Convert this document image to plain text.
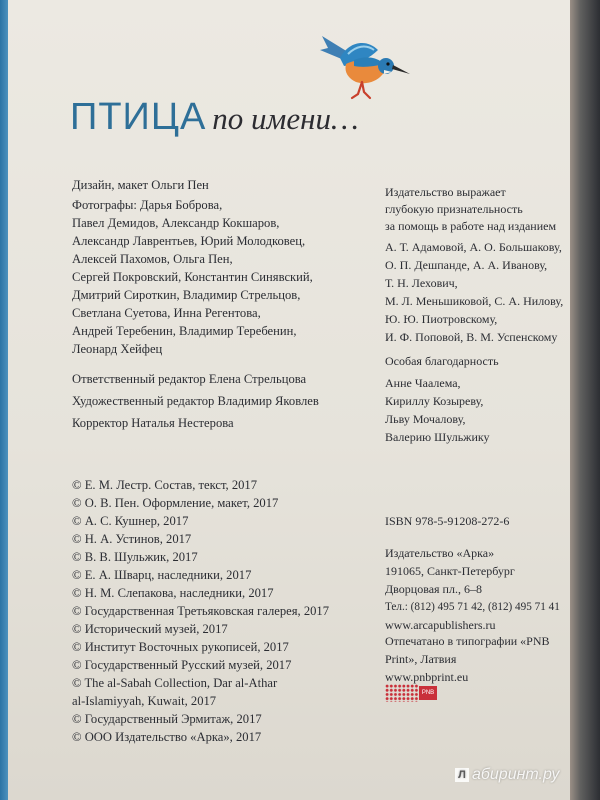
ПТИЦА по имени…
Дизайн, макет Ольги Пен
Фотографы: Дарья Боброва,
Павел Демидов, Александр Кокшаров,
Александр Лаврентьев, Юрий Молодковец,
Алексей Пахомов, Ольга Пен,
Сергей Покровский, Константин Синявский,
Дмитрий Сироткин, Владимир Стрельцов,
Светлана Суетова, Инна Регентова,
Андрей Теребенин, Владимир Теребенин,
Леонард Хейфец
Ответственный редактор Елена Стрельцова
Художественный редактор Владимир Яковлев
Корректор Наталья Нестерова
© Е. М. Лестр. Состав, текст, 2017
© О. В. Пен. Оформление, макет, 2017
© А. С. Кушнер, 2017
© Н. А. Устинов, 2017
© В. В. Шульжик, 2017
© Е. А. Шварц, наследники, 2017
© Н. М. Слепакова, наследники, 2017
© Государственная Третьяковская галерея, 2017
© Исторический музей, 2017
© Институт Восточных рукописей, 2017
© Государственный Русский музей, 2017
© The al-Sabah Collection, Dar al-Athar
al-Islamiyyah, Kuwait, 2017
© Государственный Эрмитаж, 2017
© ООО Издательство «Арка», 2017
Издательство выражает
глубокую признательность
за помощь в работе над изданием
А. Т. Адамовой, А. О. Большакову,
О. П. Дешпанде, А. А. Иванову,
Т. Н. Лехович,
М. Л. Меньшиковой, С. А. Нилову,
Ю. Ю. Пиотровскому,
И. Ф. Поповой, В. М. Успенскому
Особая благодарность
Анне Чаалема,
Кириллу Козыреву,
Льву Мочалову,
Валерию Шульжику
ISBN 978-5-91208-272-6
Издательство «Арка»
191065, Санкт-Петербург
Дворцовая пл., 6–8
Тел.: (812) 495 71 42, (812) 495 71 41
www.arcapublishers.ru
Отпечатано в типографии «PNB
Print», Латвия
www.pnbprint.eu
PNB
Л абиринт.ру
